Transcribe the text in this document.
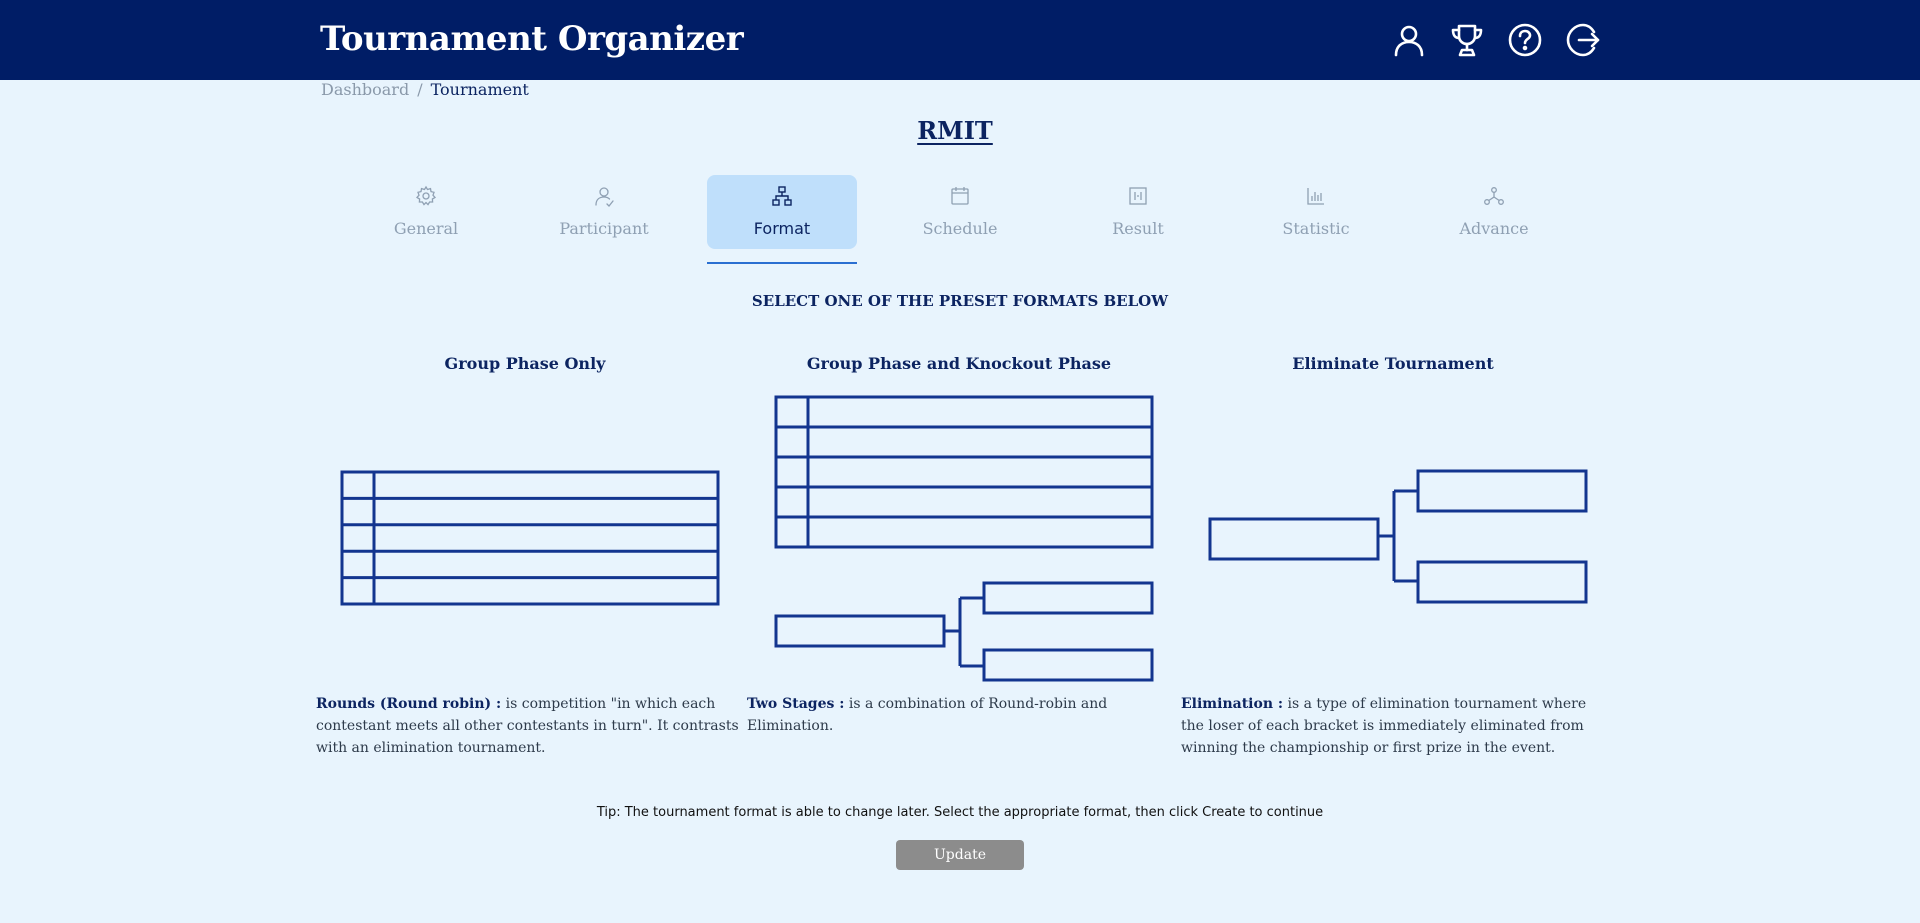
Tournament Organizer
Dashboard / Tournament
RMIT
General	Participant	Format	Schedule	Result	Statistic	Advance
SELECT ONE OF THE PRESET FORMATS BELOW
Group Phase Only	Group Phase and Knockout Phase	Eliminate Tournament
Rounds (Round robin) : is competition "in which each contestant meets all other contestants in turn". It contrasts with an elimination tournament.
Two Stages : is a combination of Round-robin and Elimination.
Elimination : is a type of elimination tournament where the loser of each bracket is immediately eliminated from winning the championship or first prize in the event.
Tip: The tournament format is able to change later. Select the appropriate format, then click Create to continue
Update
